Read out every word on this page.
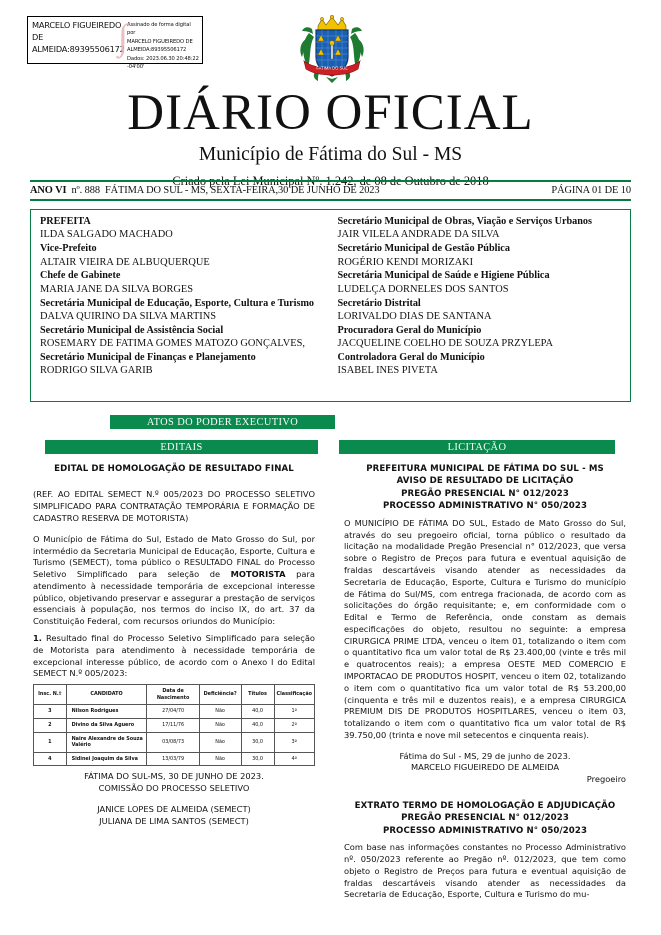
MARCELO FIGUEIREDO
DE
ALMEIDA:89395506172
∫ Assinado de forma digital por
MARCELO FIGUEIREDO DE
ALMEIDA:89395506172
Dados: 2023.06.30 20:48:22 -04'00'	FATIMA DO SUL
DIÁRIO OFICIAL
Município de Fátima do Sul - MS
ANO VI nº. 888 FÁTIMA DO SUL - MS, SEXTA-FEIRA,30 DE JUNHO DE 2023	PÁGINA 01 DE 10
PREFEITA
ILDA SALGADO MACHADO
Vice-Prefeito
ALTAIR VIEIRA DE ALBUQUERQUE
Chefe de Gabinete
MARIA JANE DA SILVA BORGES
Secretária Municipal de Educação, Esporte, Cultura e Turismo
DALVA QUIRINO DA SILVA MARTINS
Secretário Municipal de Assistência Social
ROSEMARY DE FATIMA GOMES MATOZO GONÇALVES,
Secretário Municipal de Finanças e Planejamento
RODRIGO SILVA GARIB
Secretário Municipal de Obras, Viação e Serviços Urbanos
JAIR VILELA ANDRADE DA SILVA
Secretário Municipal de Gestão Pública
ROGÉRIO KENDI MORIZAKI
Secretária Municipal de Saúde e Higiene Pública
LUDELÇA DORNELES DOS SANTOS
Secretário Distrital
LORIVALDO DIAS DE SANTANA
Procuradora Geral do Município
JACQUELINE COELHO DE SOUZA PRZYLEPA
Controladora Geral do Município
ISABEL INES PIVETA
ATOS DO PODER EXECUTIVO
EDITAIS	LICITAÇÃO
EDITAL DE HOMOLOGAÇÃO DE RESULTADO FINAL
(REF. AO EDITAL SEMECT N.º 005/2023 DO PROCESSO SELETIVO SIMPLIFICADO PARA CONTRATAÇÃO TEMPORÁRIA E FORMAÇÃO DE CADASTRO RESERVA DE MOTORISTA)
O Município de Fátima do Sul, Estado de Mato Grosso do Sul, por intermédio da Secretaria Municipal de Educação, Esporte, Cultura e Turismo (SEMECT), toma público o RESULTADO FINAL do Processo Seletivo Simplificado para seleção de MOTORISTA para atendimento à necessidade temporária de excepcional interesse público, objetivando preservar e assegurar a prestação de serviços essenciais à população, nos termos do inciso IX, do art. 37 da Constituição Federal, com recursos oriundos do Município:
1. Resultado final do Processo Seletivo Simplificado para seleção de Motorista para atendimento à necessidade temporária de excepcional interesse público, de acordo com o Anexo I do Edital SEMECT N.º 005/2023:
Insc. N.º	CANDIDATO	Data de Nascimento	Deficiência?	Títulos	Classificação
3	Nilson Rodrigues	27/04/70	Não	40,0	1º
2	Divino da Silva Aguero	17/11/76	Não	40,0	2º
1	Naire Alexandre de Souza Valério	03/08/73	Não	30,0	3º
4	Sidinei Joaquim da Silva	13/03/79	Não	30,0	4º
FÁTIMA DO SUL-MS, 30 DE JUNHO DE 2023.
COMISSÃO DO PROCESSO SELETIVO
JANICE LOPES DE ALMEIDA (SEMECT)
JULIANA DE LIMA SANTOS (SEMECT)
PREFEITURA MUNICIPAL DE FÁTIMA DO SUL - MS
AVISO DE RESULTADO DE LICITAÇÃO
PREGÃO PRESENCIAL N° 012/2023
PROCESSO ADMINISTRATIVO N° 050/2023
O MUNICÍPIO DE FÁTIMA DO SUL, Estado de Mato Grosso do Sul, através do seu pregoeiro oficial, torna público o resultado da licitação na modalidade Pregão Presencial n° 012/2023, que versa sobre o Registro de Preços para futura e eventual aquisição de fraldas descartáveis visando atender as necessidades da Secretaria de Educação, Esporte, Cultura e Turismo do município de Fátima do Sul/MS, com entrega fracionada, de acordo com as solicitações do órgão requisitante; e, em conformidade com o Edital e Termo de Referência, onde constam as demais especificações do objeto, resultou no seguinte: a empresa CIRURGICA PRIME LTDA, venceu o item 01, totalizando o item com o quantitativo fica um valor total de R$ 23.400,00 (vinte e três mil e quatrocentos reais); a empresa OESTE MED COMERCIO E IMPORTACAO DE PRODUTOS HOSPIT, venceu o item 02, totalizando o item com o quantitativo fica um valor total de R$ 53.200,00 (cinquenta e três mil e duzentos reais), e a empresa CIRURGICA PREMIUM DIS DE PRODUTOS HOSPITLARES, venceu o item 03, totalizando o item com o quantitativo fica um valor total de R$ 39.750,00 (trinta e nove mil setecentos e cinquenta reais).
Fátima do Sul - MS, 29 de junho de 2023.
MARCELO FIGUEIREDO DE ALMEIDA
Pregoeiro
EXTRATO TERMO DE HOMOLOGAÇÃO E ADJUDICAÇÃO
PREGÃO PRESENCIAL N° 012/2023
PROCESSO ADMINISTRATIVO N° 050/2023
Com base nas informações constantes no Processo Administrativo nº. 050/2023 referente ao Pregão nº. 012/2023, que tem como objeto o Registro de Preços para futura e eventual aquisição de fraldas descartáveis visando atender as necessidades da Secretaria de Educação, Esporte, Cultura e Turismo do mu-
